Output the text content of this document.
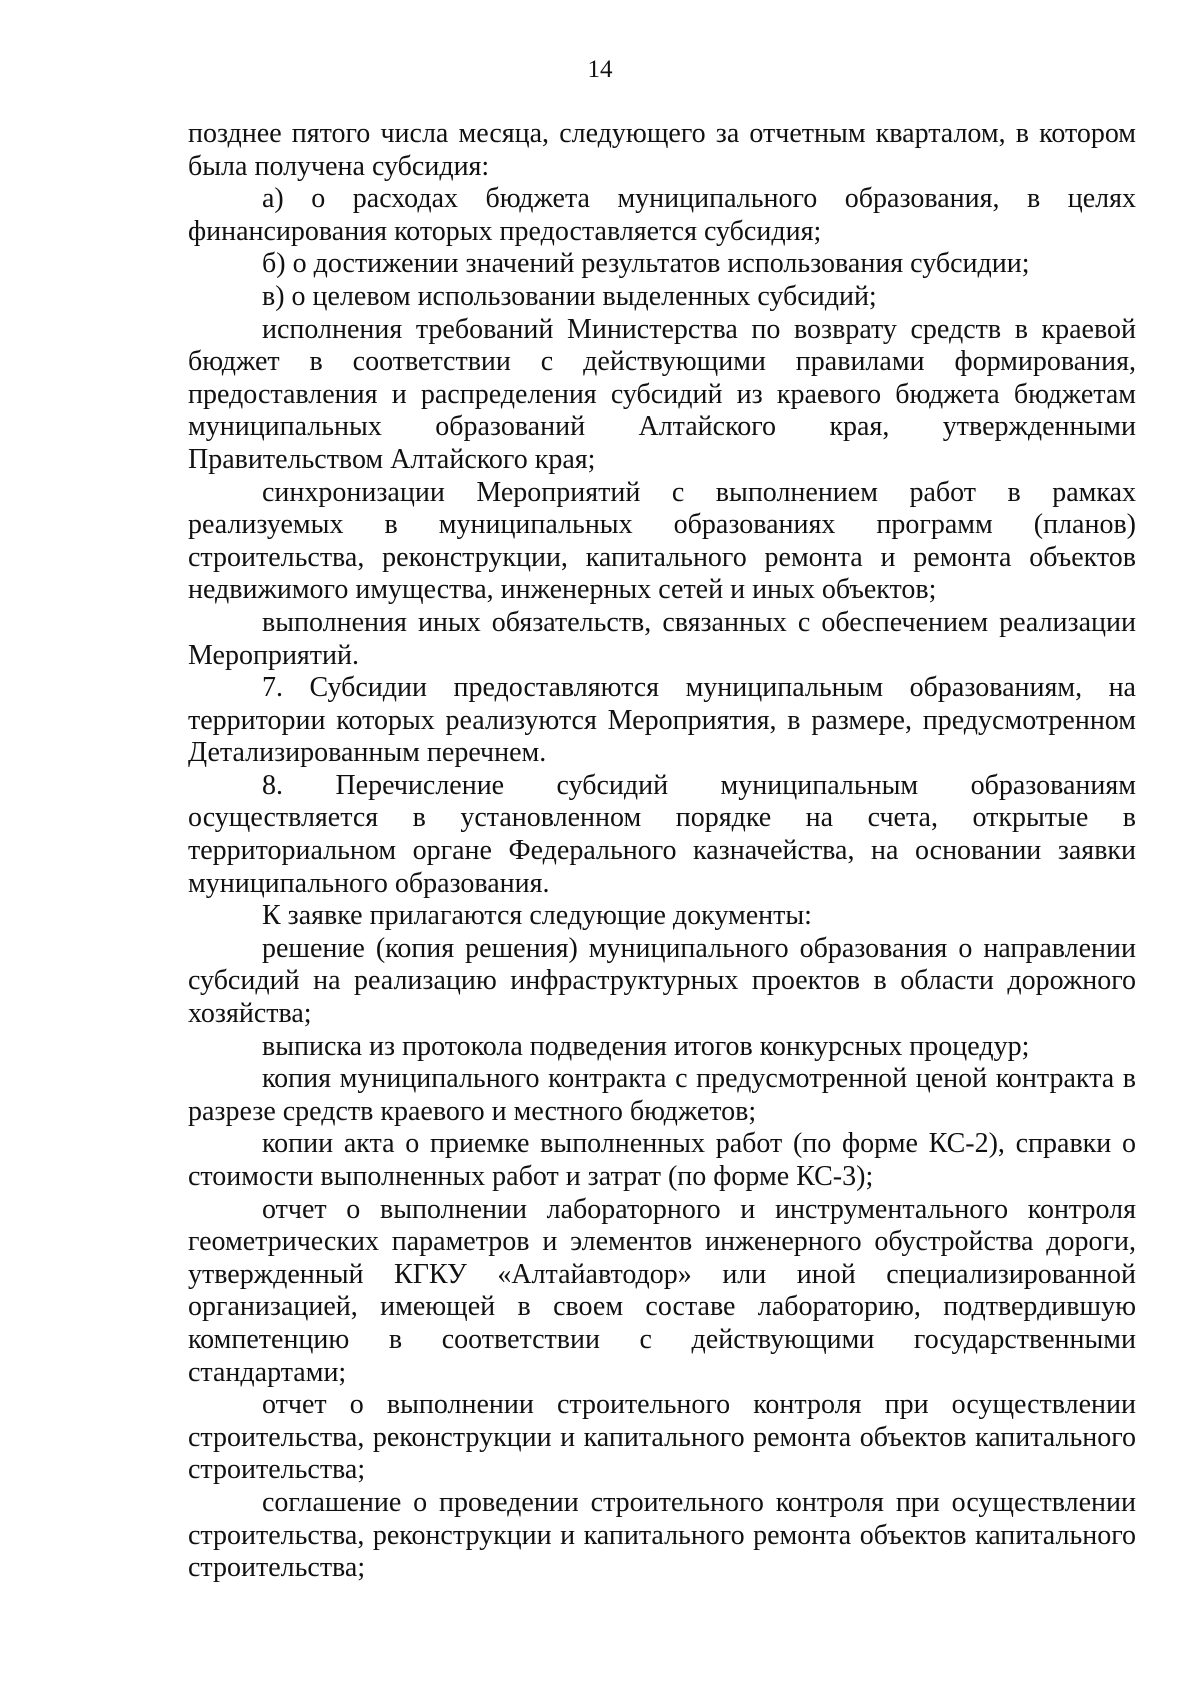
14

позднее пятого числа месяца, следующего за отчетным кварталом, в котором была получена субсидия:

а) о расходах бюджета муниципального образования, в целях финансирования которых предоставляется субсидия;

б) о достижении значений результатов использования субсидии;

в) о целевом использовании выделенных субсидий;

исполнения требований Министерства по возврату средств в краевой бюджет в соответствии с действующими правилами формирования, предоставления и распределения субсидий из краевого бюджета бюджетам муниципальных образований Алтайского края, утвержденными Правительством Алтайского края;

синхронизации Мероприятий с выполнением работ в рамках реализуемых в муниципальных образованиях программ (планов) строительства, реконструкции, капитального ремонта и ремонта объектов недвижимого имущества, инженерных сетей и иных объектов;

выполнения иных обязательств, связанных с обеспечением реализации Мероприятий.

7. Субсидии предоставляются муниципальным образованиям, на территории которых реализуются Мероприятия, в размере, предусмотренном Детализированным перечнем.

8. Перечисление субсидий муниципальным образованиям осуществляется в установленном порядке на счета, открытые в территориальном органе Федерального казначейства, на основании заявки муниципального образования.

К заявке прилагаются следующие документы:

решение (копия решения) муниципального образования о направлении субсидий на реализацию инфраструктурных проектов в области дорожного хозяйства;

выписка из протокола подведения итогов конкурсных процедур;

копия муниципального контракта с предусмотренной ценой контракта в разрезе средств краевого и местного бюджетов;

копии акта о приемке выполненных работ (по форме КС-2), справки о стоимости выполненных работ и затрат (по форме КС-3);

отчет о выполнении лабораторного и инструментального контроля геометрических параметров и элементов инженерного обустройства дороги, утвержденный КГКУ «Алтайавтодор» или иной специализированной организацией, имеющей в своем составе лабораторию, подтвердившую компетенцию в соответствии с действующими государственными стандартами;

отчет о выполнении строительного контроля при осуществлении строительства, реконструкции и капитального ремонта объектов капитального строительства;

соглашение о проведении строительного контроля при осуществлении строительства, реконструкции и капитального ремонта объектов капитального строительства;
